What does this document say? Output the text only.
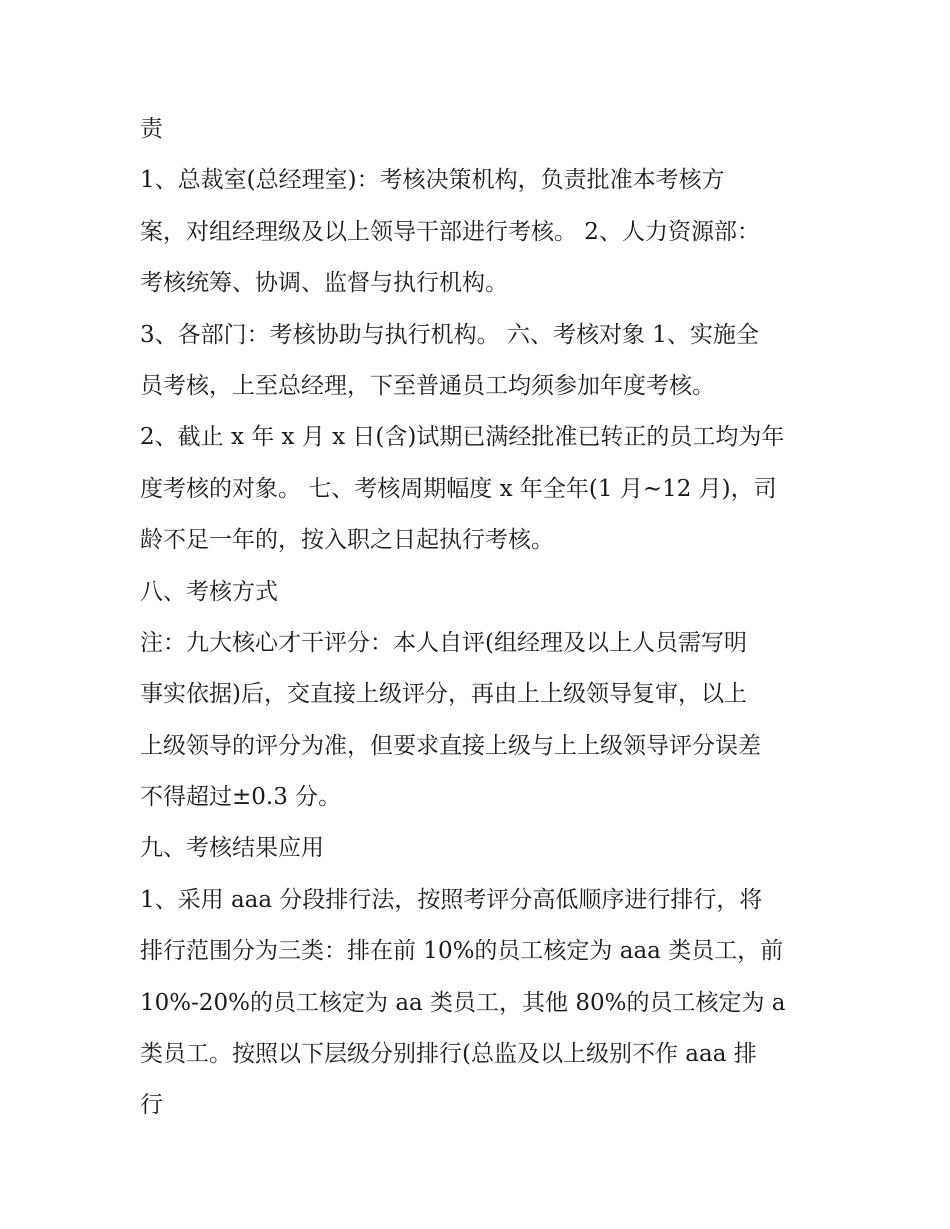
责
1、总裁室(总经理室)：考核决策机构，负责批准本考核方
案，对组经理级及以上领导干部进行考核。 2、人力资源部：
考核统筹、协调、监督与执行机构。
3、各部门：考核协助与执行机构。 六、考核对象 1、实施全
员考核，上至总经理，下至普通员工均须参加年度考核。
2、截止 x 年 x 月 x 日(含)试期已满经批准已转正的员工均为年
度考核的对象。 七、考核周期幅度 x 年全年(1 月~12 月)，司
龄不足一年的，按入职之日起执行考核。
八、考核方式
注：九大核心才干评分：本人自评(组经理及以上人员需写明
事实依据)后，交直接上级评分，再由上上级领导复审，以上
上级领导的评分为准，但要求直接上级与上上级领导评分误差
不得超过±0.3 分。
九、考核结果应用
1、采用 aaa 分段排行法，按照考评分高低顺序进行排行，将
排行范围分为三类：排在前 10%的员工核定为 aaa 类员工，前
10%-20%的员工核定为 aa 类员工，其他 80%的员工核定为 a
类员工。按照以下层级分别排行(总监及以上级别不作 aaa 排
行
